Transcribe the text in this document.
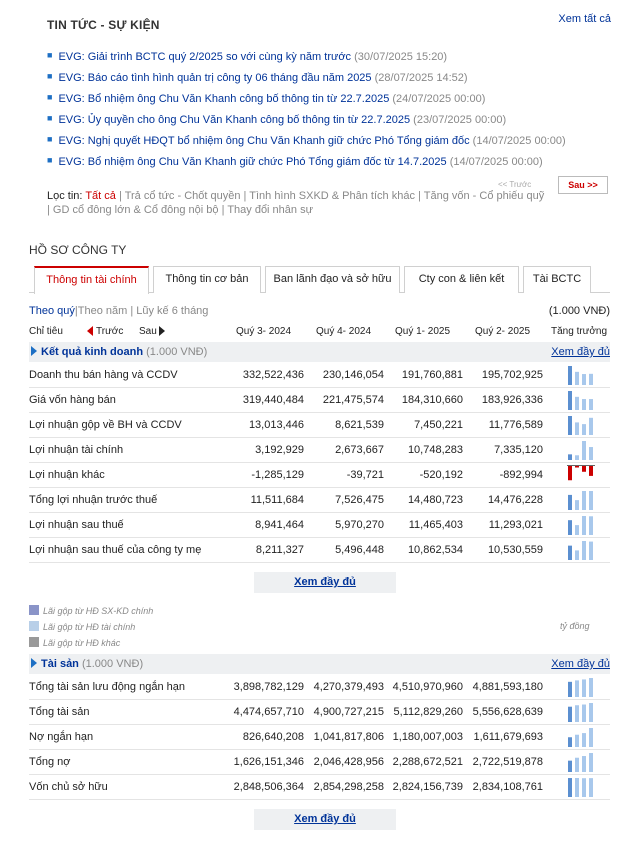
TIN TỨC - SỰ KIỆN	Xem tất cả
■ EVG: Giải trình BCTC quý 2/2025 so với cùng kỳ năm trước (30/07/2025 15:20)
■ EVG: Báo cáo tình hình quản trị công ty 06 tháng đầu năm 2025 (28/07/2025 14:52)
■ EVG: Bổ nhiệm ông Chu Văn Khanh công bố thông tin từ 22.7.2025 (24/07/2025 00:00)
■ EVG: Ủy quyền cho ông Chu Văn Khanh công bố thông tin từ 22.7.2025 (23/07/2025 00:00)
■ EVG: Nghị quyết HĐQT bổ nhiệm ông Chu Văn Khanh giữ chức Phó Tổng giám đốc (14/07/2025 00:00)
■ EVG: Bổ nhiệm ông Chu Văn Khanh giữ chức Phó Tổng giám đốc từ 14.7.2025 (14/07/2025 00:00)
<< Trước	Sau >>
Lọc tin: Tất cả | Trả cổ tức - Chốt quyền | Tình hình SXKD & Phân tích khác | Tăng vốn - Cổ phiếu quỹ | GD cổ đông lớn & Cổ đông nội bộ | Thay đổi nhân sự
HỒ SƠ CÔNG TY
Thông tin tài chính	Thông tin cơ bản	Ban lãnh đạo và sở hữu	Cty con & liên kết	Tài BCTC
Theo quý|Theo năm | Lũy kế 6 tháng	(1.000 VNĐ)
Chỉ tiêu	Trước Sau	Quý 3- 2024 Quý 4- 2024 Quý 1- 2025 Quý 2- 2025 Tăng trưởng
Kết quả kinh doanh (1.000 VNĐ)	Xem đầy đủ
Doanh thu bán hàng và CCDV	332,522,436	230,146,054	191,760,881	195,702,925
Giá vốn hàng bán	319,440,484	221,475,574	184,310,660	183,926,336
Lợi nhuận gộp về BH và CCDV	13,013,446	8,621,539	7,450,221	11,776,589
Lợi nhuận tài chính	3,192,929	2,673,667	10,748,283	7,335,120
Lợi nhuận khác	-1,285,129	-39,721	-520,192	-892,994
Tổng lợi nhuận trước thuế	11,511,684	7,526,475	14,480,723	14,476,228
Lợi nhuận sau thuế	8,941,464	5,970,270	11,465,403	11,293,021
Lợi nhuận sau thuế của công ty mẹ	8,211,327	5,496,448	10,862,534	10,530,559
Xem đầy đủ
Lãi gộp từ HĐ SX-KD chính
Lãi gộp từ HĐ tài chính
Lãi gộp từ HĐ khác
tỷ đồng
Tài sản (1.000 VNĐ)	Xem đầy đủ
Tổng tài sản lưu động ngắn hạn	3,898,782,129 4,270,379,493 4,510,970,960 4,881,593,180
Tổng tài sản	4,474,657,710 4,900,727,215 5,112,829,260 5,556,628,639
Nợ ngắn hạn	826,640,208 1,041,817,806 1,180,007,003 1,611,679,693
Tổng nợ	1,626,151,346 2,046,428,956 2,288,672,521 2,722,519,878
Vốn chủ sở hữu	2,848,506,364 2,854,298,258 2,824,156,739 2,834,108,761
Xem đầy đủ
